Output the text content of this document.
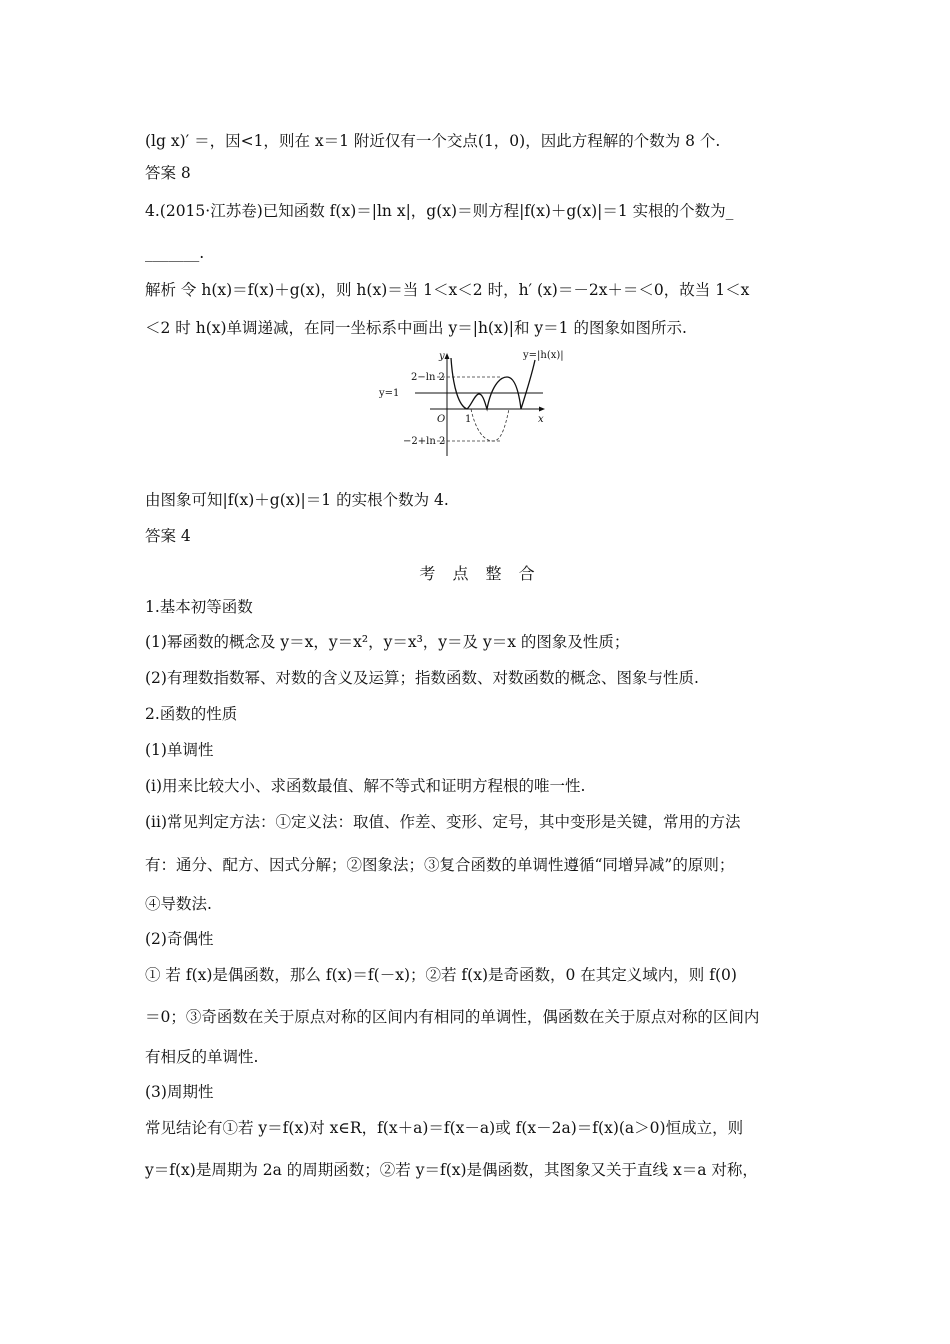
(lg x)′ ＝，因<1，则在 x＝1 附近仅有一个交点(1，0)，因此方程解的个数为 8 个.
答案 8
4.(2015·江苏卷)已知函数 f(x)＝|ln x|，g(x)＝则方程|f(x)＋g(x)|＝1 实根的个数为_
_______.
解析 令 h(x)＝f(x)＋g(x)，则 h(x)＝当 1＜x＜2 时，h′ (x)＝－2x＋＝＜0，故当 1＜x
＜2 时 h(x)单调递减，在同一坐标系中画出 y＝|h(x)|和 y＝1 的图象如图所示.
y=|h(x)|
y
x
2−ln 2
y=1
O 1
−2+ln 2
由图象可知|f(x)＋g(x)|＝1 的实根个数为 4.
答案 4
考 点 整 合
1.基本初等函数
(1)幂函数的概念及 y＝x，y＝x²，y＝x³，y＝及 y＝x 的图象及性质；
(2)有理数指数幂、对数的含义及运算；指数函数、对数函数的概念、图象与性质.
2.函数的性质
(1)单调性
(ⅰ)用来比较大小、求函数最值、解不等式和证明方程根的唯一性.
(ⅱ)常见判定方法：①定义法：取值、作差、变形、定号，其中变形是关键，常用的方法
有：通分、配方、因式分解；②图象法；③复合函数的单调性遵循“同增异减”的原则；
④导数法.
(2)奇偶性
① 若 f(x)是偶函数，那么 f(x)＝f(－x)；②若 f(x)是奇函数，0 在其定义域内，则 f(0)
＝0；③奇函数在关于原点对称的区间内有相同的单调性，偶函数在关于原点对称的区间内
有相反的单调性.
(3)周期性
常见结论有①若 y＝f(x)对 x∈R，f(x＋a)＝f(x－a)或 f(x－2a)＝f(x)(a＞0)恒成立，则
y＝f(x)是周期为 2a 的周期函数；②若 y＝f(x)是偶函数，其图象又关于直线 x＝a 对称，
